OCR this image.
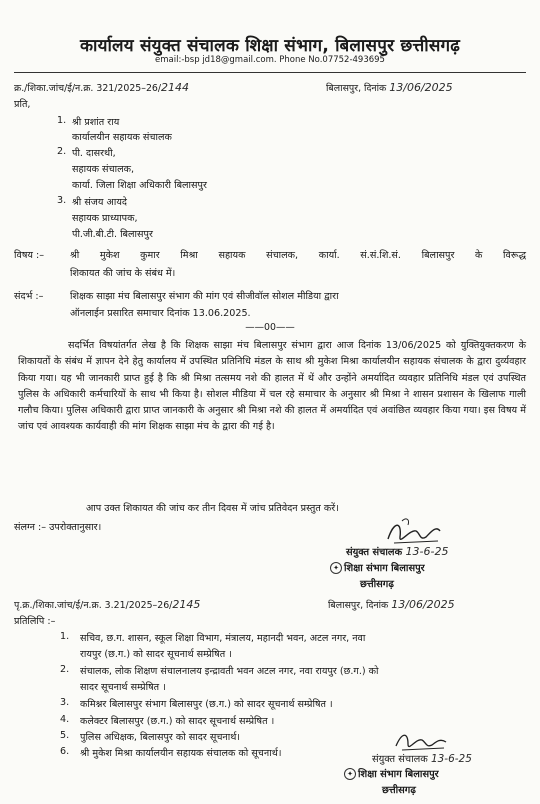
कार्यालय संयुक्त संचालक शिक्षा संभाग, बिलासपुर छत्तीसगढ़
email:-bsp jd18@gmail.com. Phone No.07752-493695
क्र./शिका.जांच/ई/न.क्र. 321/2025–26/2144	बिलासपुर, दिनांक 13/06/2025
प्रति,
1. श्री प्रशांत राय
कार्यालयीन सहायक संचालक
2. पी. दासरथी,
सहायक संचालक,
कार्या. जिला शिक्षा अधिकारी बिलासपुर
3. श्री संजय आयदे
सहायक प्राध्यापक,
पी.जी.बी.टी. बिलासपुर
विषय :–	श्री मुकेश कुमार मिश्रा सहायक संचालक, कार्या. सं.सं.शि.सं. बिलासपुर के विरूद्ध
शिकायत की जांच के संबंध में।
संदर्भ :–	शिक्षक साझा मंच बिलासपुर संभाग की मांग एवं सीजीवॉल सोशल मीडिया द्वारा
ऑनलाईन प्रसारित समाचार दिनांक 13.06.2025.
——00——
सदर्भित विषयांतर्गत लेख है कि शिक्षक साझा मंच बिलासपुर संभाग द्वारा आज दिनांक 13/06/2025 को युक्तियुक्तकरण के शिकायतों के संबंध में ज्ञापन देने हेतु कार्यालय में उपस्थित प्रतिनिधि मंडल के साथ श्री मुकेश मिश्रा कार्यालयीन सहायक संचालक के द्वारा दुर्व्यवहार किया गया। यह भी जानकारी प्राप्त हुई है कि श्री मिश्रा तत्समय नशे की हालत में थें और उन्होंने अमर्यादित व्यवहार प्रतिनिधि मंडल एवं उपस्थित पुलिस के अधिकारी कर्मचारियों के साथ भी किया है। सोशल मीडिया में चल रहे समाचार के अनुसार श्री मिश्रा ने शासन प्रशासन के खिलाफ गाली गलौच किया। पुलिस अधिकारी द्वारा प्राप्त जानकारी के अनुसार श्री मिश्रा नशे की हालत में अमर्यादित एवं अवांछित व्यवहार किया गया। इस विषय में जांच एवं आवश्यक कार्यवाही की मांग शिक्षक साझा मंच के द्वारा की गई है।
आप उक्त शिकायत की जांच कर तीन दिवस में जांच प्रतिवेदन प्रस्तुत करें।
संलग्न :– उपरोक्तानुसार।
संयुक्त संचालक 13-6-25
✦ शिक्षा संभाग बिलासपुर
छत्तीसगढ़
पृ.क्र./शिका.जांच/ई/न.क्र. 3.21/2025–26/2145	बिलासपुर, दिनांक 13/06/2025
प्रतिलिपि :–
1. सचिव, छ.ग. शासन, स्कूल शिक्षा विभाग, मंत्रालय, महानदी भवन, अटल नगर, नवा
रायपुर (छ.ग.) को सादर सूचनार्थ सम्प्रेषित ।
2. संचालक, लोक शिक्षण संचालनालय इन्द्रावती भवन अटल नगर, नवा रायपुर (छ.ग.) को
सादर सूचनार्थ सम्प्रेषित ।
3. कमिश्नर बिलासपुर संभाग बिलासपुर (छ.ग.) को सादर सूचनार्थ सम्प्रेषित ।
4. कलेक्टर बिलासपुर (छ.ग.) को सादर सूचनार्थ सम्प्रेषित ।
5. पुलिस अधिक्षक, बिलासपुर को सादर सूचनार्थ।
6. श्री मुकेश मिश्रा कार्यालयीन सहायक संचालक को सूचनार्थ।
संयुक्त संचालक 13-6-25
✦ शिक्षा संभाग बिलासपुर
छत्तीसगढ़
